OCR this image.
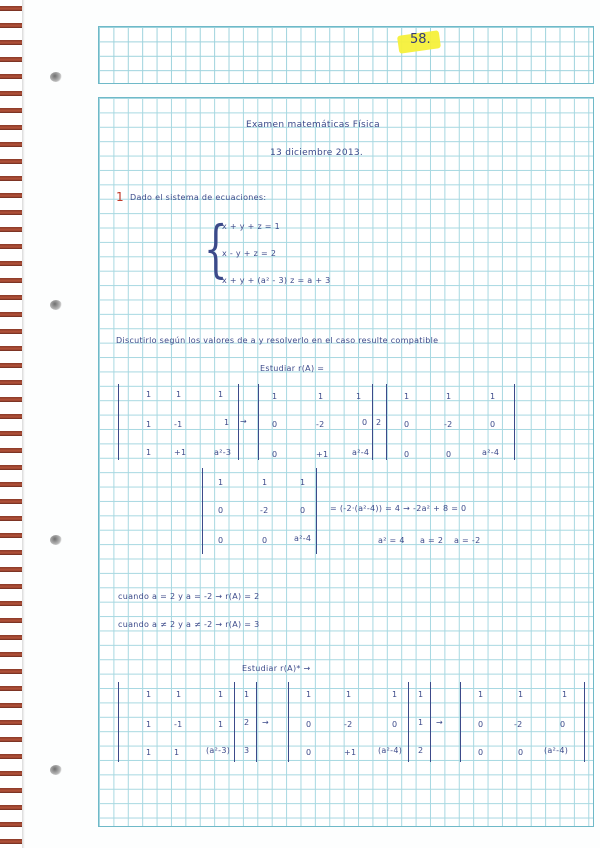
58.
Examen matemáticas Física
13 diciembre 2013.
1 Dado el sistema de ecuaciones:
{
x + y + z = 1
x - y + z = 2
x + y + (a² - 3) z = a + 3
Discutirlo según los valores de a y resolverlo en el caso resulte compatible
Estudiar r(A) =
1	1	1
1	-1	1
1	+1	a²-3
→
1	1	1
0	-2	0
0	+1	a²-4
2
1	1	1
0	-2	0
0	0	a²-4
1	1	1
0	-2	0
0	0	a²-4
= (-2·(a²-4)) = 4 → -2a² + 8 = 0
a² = 4 a = 2 a = -2
cuando a = 2 y a = -2 → r(A) = 2
cuando a ≠ 2 y a ≠ -2 → r(A) = 3
Estudiar r(A)* →
1	1	1	1
1	-1	1	2
1	1	(a²-3) 3
→
1	1	1	1
0	-2	0	1
0	+1	(a²-4) 2
→
1	1	1
0	-2	0
0	0	(a²-4)
